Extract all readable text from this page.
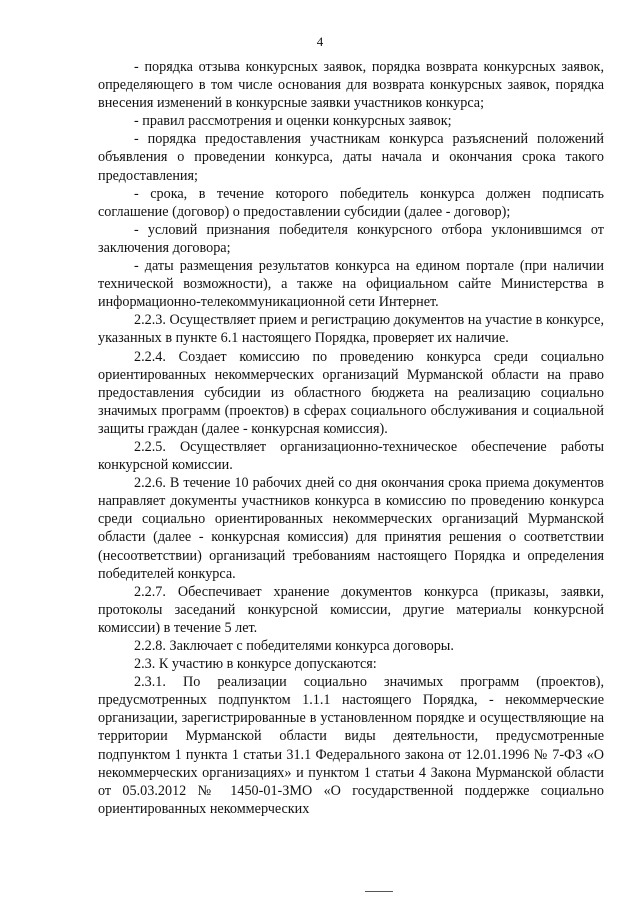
4

- порядка отзыва конкурсных заявок, порядка возврата конкурсных заявок, определяющего в том числе основания для возврата конкурсных заявок, порядка внесения изменений в конкурсные заявки участников конкурса;

- правил рассмотрения и оценки конкурсных заявок;

- порядка предоставления участникам конкурса разъяснений положений объявления о проведении конкурса, даты начала и окончания срока такого предоставления;

- срока, в течение которого победитель конкурса должен подписать соглашение (договор) о предоставлении субсидии (далее - договор);

- условий признания победителя конкурсного отбора уклонившимся от заключения договора;

- даты размещения результатов конкурса на едином портале (при наличии технической возможности), а также на официальном сайте Министерства в информационно-телекоммуникационной сети Интернет.

2.2.3. Осуществляет прием и регистрацию документов на участие в конкурсе, указанных в пункте 6.1 настоящего Порядка, проверяет их наличие.

2.2.4. Создает комиссию по проведению конкурса среди социально ориентированных некоммерческих организаций Мурманской области на право предоставления субсидии из областного бюджета на реализацию социально значимых программ (проектов) в сферах социального обслуживания и социальной защиты граждан (далее - конкурсная комиссия).

2.2.5. Осуществляет организационно-техническое обеспечение работы конкурсной комиссии.

2.2.6. В течение 10 рабочих дней со дня окончания срока приема документов направляет документы участников конкурса в комиссию по проведению конкурса среди социально ориентированных некоммерческих организаций Мурманской области (далее - конкурсная комиссия) для принятия решения о соответствии (несоответствии) организаций требованиям настоящего Порядка и определения победителей конкурса.

2.2.7. Обеспечивает хранение документов конкурса (приказы, заявки, протоколы заседаний конкурсной комиссии, другие материалы конкурсной комиссии) в течение 5 лет.

2.2.8. Заключает с победителями конкурса договоры.

2.3. К участию в конкурсе допускаются:

2.3.1. По реализации социально значимых программ (проектов), предусмотренных подпунктом 1.1.1 настоящего Порядка, - некоммерческие организации, зарегистрированные в установленном порядке и осуществляющие на территории Мурманской области виды деятельности, предусмотренные подпунктом 1 пункта 1 статьи 31.1 Федерального закона от 12.01.1996 № 7-ФЗ «О некоммерческих организациях» и пунктом 1 статьи 4 Закона Мурманской области от 05.03.2012 № 1450-01-ЗМО «О государственной поддержке социально ориентированных некоммерческих
